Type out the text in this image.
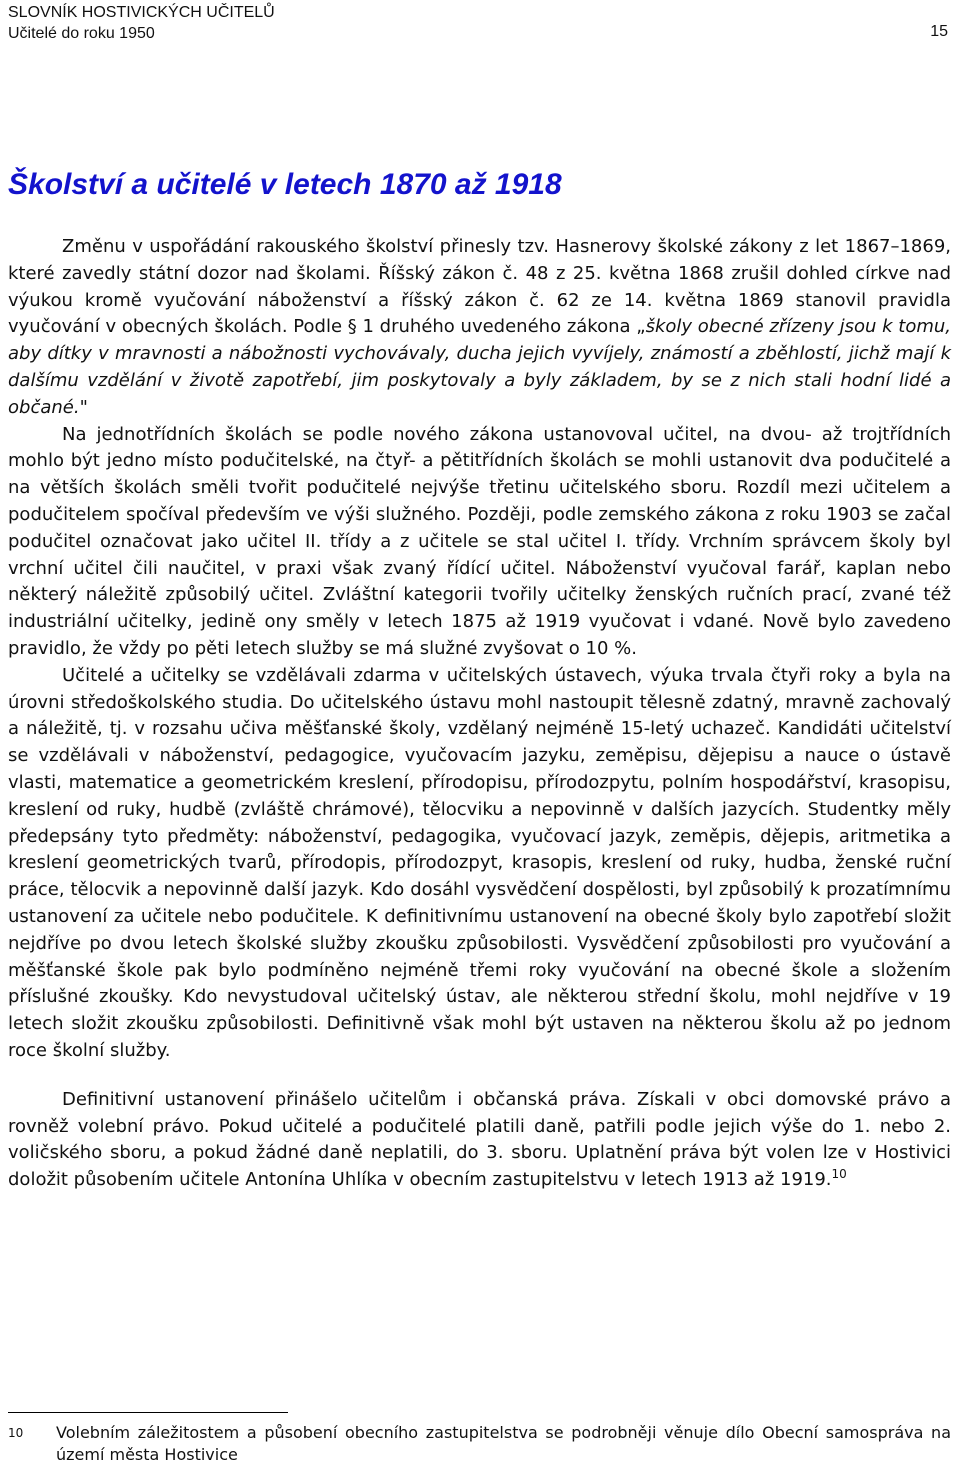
SLOVNÍK HOSTIVICKÝCH UČITELŮ
Učitelé do roku 1950	15
Školství a učitelé v letech 1870 až 1918

Změnu v uspořádání rakouského školství přinesly tzv. Hasnerovy školské zákony z let 1867–1869, které zavedly státní dozor nad školami. Říšský zákon č. 48 z 25. května 1868 zrušil dohled církve nad výukou kromě vyučování náboženství a říšský zákon č. 62 ze 14. května 1869 stanovil pravidla vyučování v obecných školách. Podle § 1 druhého uvedeného zákona „školy obecné zřízeny jsou k tomu, aby dítky v mravnosti a nábožnosti vychovávaly, ducha jejich vyvíjely, známostí a zběhlostí, jichž mají k dalšímu vzdělání v životě zapotřebí, jim poskytovaly a byly základem, by se z nich stali hodní lidé a občané."

Na jednotřídních školách se podle nového zákona ustanovoval učitel, na dvou- až trojtřídních mohlo být jedno místo podučitelské, na čtyř- a pětitřídních školách se mohli ustanovit dva podučitelé a na větších školách směli tvořit podučitelé nejvýše třetinu učitelského sboru. Rozdíl mezi učitelem a podučitelem spočíval především ve výši služného. Později, podle zemského zákona z roku 1903 se začal podučitel označovat jako učitel II. třídy a z učitele se stal učitel I. třídy. Vrchním správcem školy byl vrchní učitel čili naučitel, v praxi však zvaný řídící učitel. Náboženství vyučoval farář, kaplan nebo některý náležitě způsobilý učitel. Zvláštní kategorii tvořily učitelky ženských ručních prací, zvané též industriální učitelky, jedině ony směly v letech 1875 až 1919 vyučovat i vdané. Nově bylo zavedeno pravidlo, že vždy po pěti letech služby se má služné zvyšovat o 10 %.

Učitelé a učitelky se vzdělávali zdarma v učitelských ústavech, výuka trvala čtyři roky a byla na úrovni středoškolského studia. Do učitelského ústavu mohl nastoupit tělesně zdatný, mravně zachovalý a náležitě, tj. v rozsahu učiva měšťanské školy, vzdělaný nejméně 15-letý uchazeč. Kandidáti učitelství se vzdělávali v náboženství, pedagogice, vyučovacím jazyku, zeměpisu, dějepisu a nauce o ústavě vlasti, matematice a geometrickém kreslení, přírodopisu, přírodozpytu, polním hospodářství, krasopisu, kreslení od ruky, hudbě (zvláště chrámové), tělocviku a nepovinně v dalších jazycích. Studentky měly předepsány tyto předměty: náboženství, pedagogika, vyučovací jazyk, zeměpis, dějepis, aritmetika a kreslení geometrických tvarů, přírodopis, přírodozpyt, krasopis, kreslení od ruky, hudba, ženské ruční práce, tělocvik a nepovinně další jazyk. Kdo dosáhl vysvědčení dospělosti, byl způsobilý k prozatímnímu ustanovení za učitele nebo podučitele. K definitivnímu ustanovení na obecné školy bylo zapotřebí složit nejdříve po dvou letech školské služby zkoušku způsobilosti. Vysvědčení způsobilosti pro vyučování a měšťanské škole pak bylo podmíněno nejméně třemi roky vyučování na obecné škole a složením příslušné zkoušky. Kdo nevystudoval učitelský ústav, ale některou střední školu, mohl nejdříve v 19 letech složit zkoušku způsobilosti. Definitivně však mohl být ustaven na některou školu až po jednom roce školní služby.

Definitivní ustanovení přinášelo učitelům i občanská práva. Získali v obci domovské právo a rovněž volební právo. Pokud učitelé a podučitelé platili daně, patřili podle jejich výše do 1. nebo 2. voličského sboru, a pokud žádné daně neplatili, do 3. sboru. Uplatnění práva být volen lze v Hostivici doložit působením učitele Antonína Uhlíka v obecním zastupitelstvu v letech 1913 až 1919.10

10 Volebním záležitostem a působení obecního zastupitelstva se podrobněji věnuje dílo Obecní samospráva na území města Hostivice
